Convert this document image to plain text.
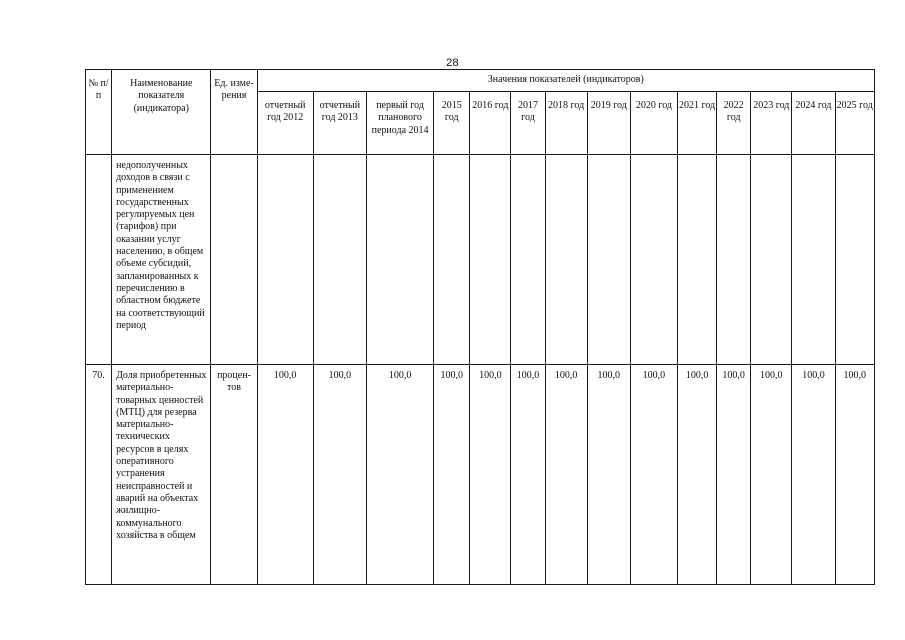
28
№ п/п	Наименование показателя (индикатора)	Ед. изме-рения	Значения показателей (индикаторов)													
			отчетный год 2012	отчетный год 2013	первый год планового периода 2014	2015 год	2016 год	2017 год	2018 год	2019 год	2020 год	2021 год	2022 год	2023 год	2024 год	2025 год
	недополученных доходов в связи с применением государственных регулируемых цен (тарифов) при оказании услуг населению, в общем объеме субсидий, запланированных к перечислению в областном бюджете на соответствующий период															
70.	Доля приобретенных материально-товарных ценностей (МТЦ) для резерва материально-технических ресурсов в целях оперативного устранения неисправностей и аварий на объектах жилищно-коммунального хозяйства в общем	процен-тов	100,0	100,0	100,0	100,0	100,0	100,0	100,0	100,0	100,0	100,0	100,0	100,0	100,0	100,0
